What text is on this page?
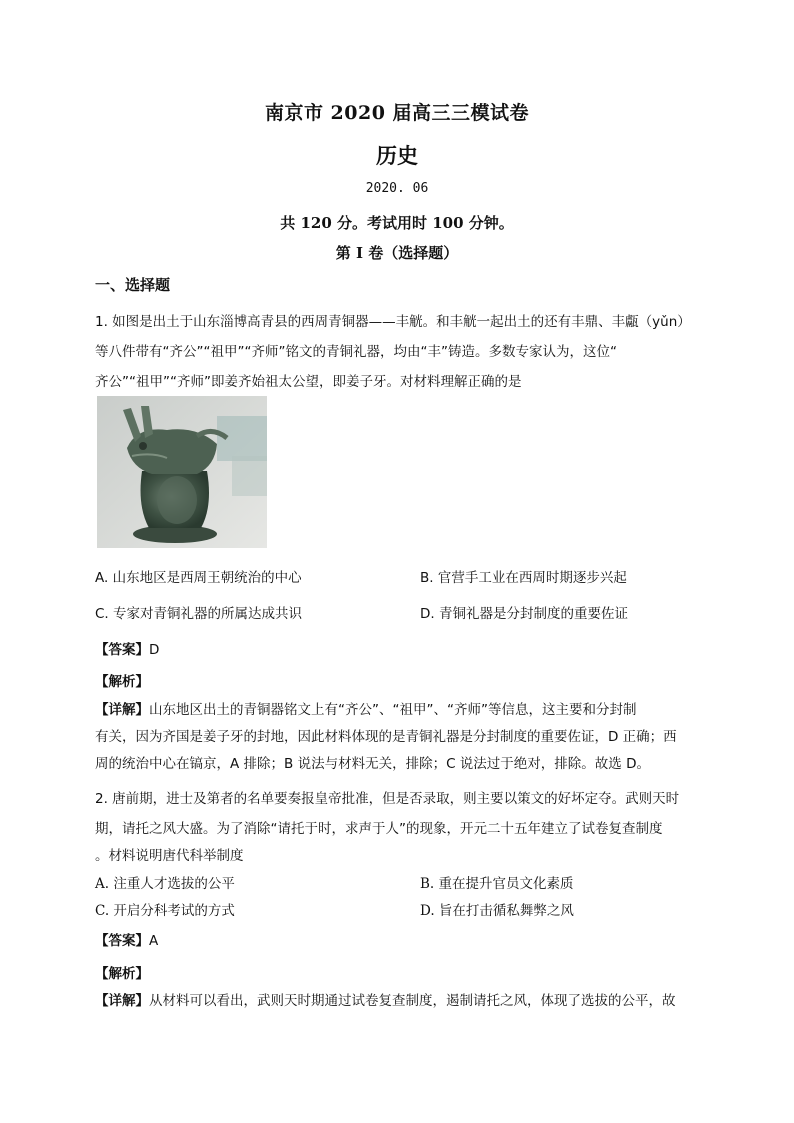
南京市 2020 届高三三模试卷
历史
2020. 06
共 120 分。考试用时 100 分钟。
第 I 卷（选择题）
一、选择题
1. 如图是出土于山东淄博高青县的西周青铜器——丰觥。和丰觥一起出土的还有丰鼎、丰甗（yǔn）
等八件带有“齐公”“祖甲”“齐师”铭文的青铜礼器，均由“丰”铸造。多数专家认为，这位“
齐公”“祖甲”“齐师”即姜齐始祖太公望，即姜子牙。对材料理解正确的是
A. 山东地区是西周王朝统治的中心	B. 官营手工业在西周时期逐步兴起
C. 专家对青铜礼器的所属达成共识	D. 青铜礼器是分封制度的重要佐证
【答案】D
【解析】
【详解】山东地区出土的青铜器铭文上有“齐公”、“祖甲”、“齐师”等信息，这主要和分封制
有关，因为齐国是姜子牙的封地，因此材料体现的是青铜礼器是分封制度的重要佐证，D 正确；西
周的统治中心在镐京，A 排除；B 说法与材料无关，排除；C 说法过于绝对，排除。故选 D。
2. 唐前期，进士及第者的名单要奏报皇帝批准，但是否录取，则主要以策文的好坏定夺。武则天时
期，请托之风大盛。为了消除“请托于时，求声于人”的现象，开元二十五年建立了试卷复查制度
。材料说明唐代科举制度
A. 注重人才选拔的公平	B. 重在提升官员文化素质
C. 开启分科考试的方式	D. 旨在打击循私舞弊之风
【答案】A
【解析】
【详解】从材料可以看出，武则天时期通过试卷复查制度，遏制请托之风，体现了选拔的公平，故
